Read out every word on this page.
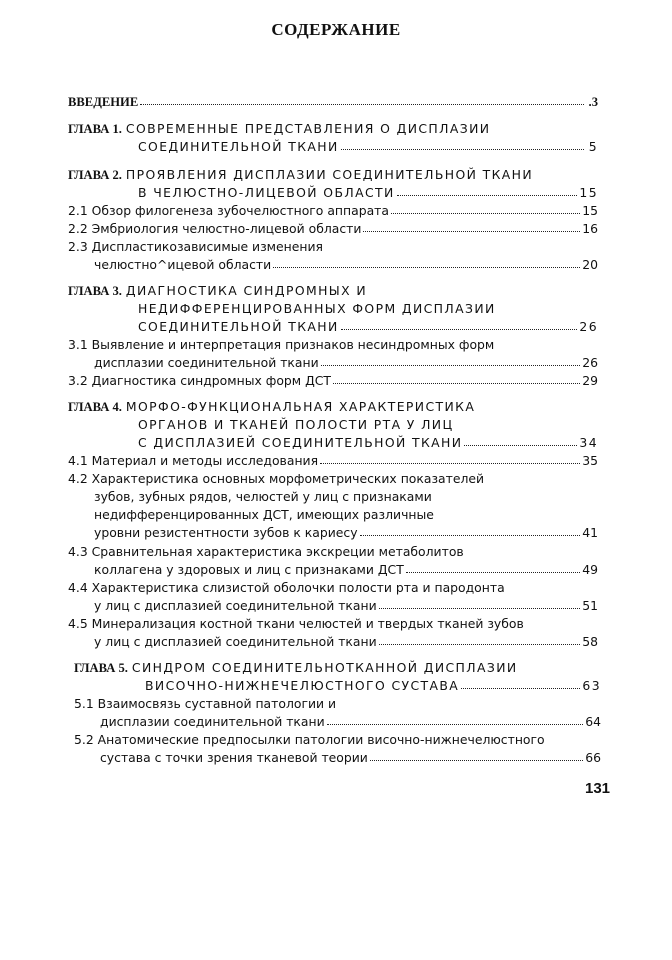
СОДЕРЖАНИЕ
ВВЕДЕНИЕ	.3
ГЛАВА 1. СОВРЕМЕННЫЕ ПРЕДСТАВЛЕНИЯ О ДИСПЛАЗИИ
СОЕДИНИТЕЛЬНОЙ ТКАНИ	5
ГЛАВА 2. ПРОЯВЛЕНИЯ ДИСПЛАЗИИ СОЕДИНИТЕЛЬНОЙ ТКАНИ
В ЧЕЛЮСТНО-ЛИЦЕВОЙ ОБЛАСТИ	15
2.1 Обзор филогенеза зубочелюстного аппарата	15
2.2 Эмбриология челюстно-лицевой области	16
2.3 Диспластикозависимые изменения
челюстно^ицевой области	20
ГЛАВА 3. ДИАГНОСТИКА СИНДРОМНЫХ И
НЕДИФФЕРЕНЦИРОВАННЫХ ФОРМ ДИСПЛАЗИИ
СОЕДИНИТЕЛЬНОЙ ТКАНИ	26
3.1 Выявление и интерпретация признаков несиндромных форм
дисплазии соединительной ткани	26
3.2 Диагностика синдромных форм ДСТ	29
ГЛАВА 4. МОРФО-ФУНКЦИОНАЛЬНАЯ ХАРАКТЕРИСТИКА
ОРГАНОВ И ТКАНЕЙ ПОЛОСТИ РТА У ЛИЦ
С ДИСПЛАЗИЕЙ СОЕДИНИТЕЛЬНОЙ ТКАНИ	34
4.1 Материал и методы исследования	35
4.2 Характеристика основных морфометрических показателей
зубов, зубных рядов, челюстей у лиц с признаками
недифференцированных ДСТ, имеющих различные
уровни резистентности зубов к кариесу	41
4.3 Сравнительная характеристика экскреции метаболитов
коллагена у здоровых и лиц с признаками ДСТ	49
4.4 Характеристика слизистой оболочки полости рта и пародонта
у лиц с дисплазией соединительной ткани	51
4.5 Минерализация костной ткани челюстей и твердых тканей зубов
у лиц с дисплазией соединительной ткани	58
ГЛАВА 5. СИНДРОМ СОЕДИНИТЕЛЬНОТКАННОЙ ДИСПЛАЗИИ
ВИСОЧНО-НИЖНЕЧЕЛЮСТНОГО СУСТАВА	63
5.1 Взаимосвязь суставной патологии и
дисплазии соединительной ткани	64
5.2 Анатомические предпосылки патологии височно-нижнечелюстного
сустава с точки зрения тканевой теории	66
131
